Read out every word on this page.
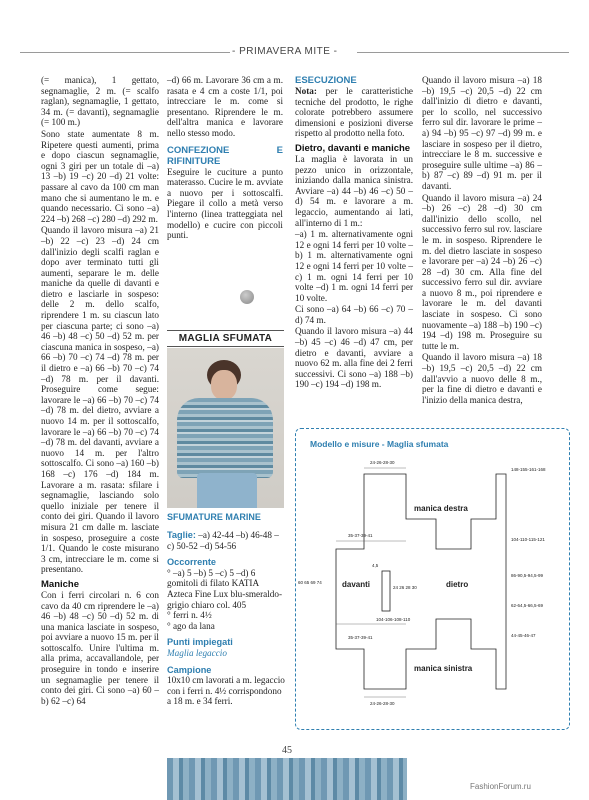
- PRIMAVERA MITE -

(= manica), 1 gettato, segnamaglie, 2 m. (= scalfo raglan), segnamaglie, 1 gettato, 34 m. (= davanti), segnamaglie (= 100 m.)

Sono state aumentate 8 m. Ripetere questi aumenti, prima e dopo ciascun segnamaglie, ogni 3 giri per un totale di –a) 13 –b) 19 –c) 20 –d) 21 volte: passare al cavo da 100 cm man mano che si aumentano le m. e quando necessario. Ci sono –a) 224 –b) 268 –c) 280 –d) 292 m.

Quando il lavoro misura –a) 21 –b) 22 –c) 23 –d) 24 cm dall'inizio degli scalfi raglan e dopo aver terminato tutti gli aumenti, separare le m. delle maniche da quelle di davanti e dietro e lasciarle in sospeso: delle 2 m. dello scalfo, riprendere 1 m. su ciascun lato per ciascuna parte; ci sono –a) 46 –b) 48 –c) 50 –d) 52 m. per ciascuna manica in sospeso, –a) 66 –b) 70 –c) 74 –d) 78 m. per il dietro e –a) 66 –b) 70 –c) 74 –d) 78 m. per il davanti. Proseguire come segue: lavorare le –a) 66 –b) 70 –c) 74 –d) 78 m. del dietro, avviare a nuovo 14 m. per il sottoscalfo, lavorare le –a) 66 –b) 70 –c) 74 –d) 78 m. del davanti, avviare a nuovo 14 m. per l'altro sottoscalfo. Ci sono –a) 160 –b) 168 –c) 176 –d) 184 m. Lavorare a m. rasata: sfilare i segnamaglie, lasciando solo quello iniziale per tenere il conto dei giri. Quando il lavoro misura 21 cm dalle m. lasciate in sospeso, proseguire a coste 1/1. Quando le coste misurano 3 cm, intrecciare le m. come si presentano.

Maniche

Con i ferri circolari n. 6 con cavo da 40 cm riprendere le –a) 46 –b) 48 –c) 50 –d) 52 m. di una manica lasciate in sospeso, poi avviare a nuovo 15 m. per il sottoscalfo. Unire l'ultima m. alla prima, accavallandole, per proseguire in tondo e inserire un segnamaglie per tenere il conto dei giri. Ci sono –a) 60 –b) 62 –c) 64

–d) 66 m. Lavorare 36 cm a m. rasata e 4 cm a coste 1/1, poi intrecciare le m. come si presentano. Riprendere le m. dell'altra manica e lavorare nello stesso modo.

CONFEZIONE E RIFINITURE

Eseguire le cuciture a punto materasso. Cucire le m. avviate a nuovo per i sottoscalfi. Piegare il collo a metà verso l'interno (linea tratteggiata nel modello) e cucire con piccoli punti.

MAGLIA SFUMATA
SFUMATURE MARINE

Taglie: –a) 42-44 –b) 46-48 –c) 50-52 –d) 54-56

Occorrente

° –a) 5 –b) 5 –c) 5 –d) 6 gomitoli di filato KATIA Azteca Fine Lux blu-smeraldo-grigio chiaro col. 405

° ferri n. 4½

° ago da lana

Punti impiegati

Maglia legaccio

Campione

10x10 cm lavorati a m. legaccio con i ferri n. 4½ corrispondono a 18 m. e 34 ferri.

ESECUZIONE

Nota: per le caratteristiche tecniche del prodotto, le righe colorate potrebbero assumere dimensioni e posizioni diverse rispetto al prodotto nella foto.

Dietro, davanti e maniche

La maglia è lavorata in un pezzo unico in orizzontale, iniziando dalla manica sinistra. Avviare –a) 44 –b) 46 –c) 50 –d) 54 m. e lavorare a m. legaccio, aumentando ai lati, all'interno di 1 m.:

–a) 1 m. alternativamente ogni 12 e ogni 14 ferri per 10 volte –b) 1 m. alternativamente ogni 12 e ogni 14 ferri per 10 volte –c) 1 m. ogni 14 ferri per 10 volte –d) 1 m. ogni 14 ferri per 10 volte.

Ci sono –a) 64 –b) 66 –c) 70 –d) 74 m.

Quando il lavoro misura –a) 44 –b) 45 –c) 46 –d) 47 cm, per dietro e davanti, avviare a nuovo 62 m. alla fine dei 2 ferri successivi. Ci sono –a) 188 –b) 190 –c) 194 –d) 198 m.

Quando il lavoro misura –a) 18 –b) 19,5 –c) 20,5 –d) 22 cm dall'inizio di dietro e davanti, per lo scollo, nel successivo ferro sul dir. lavorare le prime –a) 94 –b) 95 –c) 97 –d) 99 m. e lasciare in sospeso per il dietro, intrecciare le 8 m. successive e proseguire sulle ultime –a) 86 –b) 87 –c) 89 –d) 91 m. per il davanti.

Quando il lavoro misura –a) 24 –b) 26 –c) 28 –d) 30 cm dall'inizio dello scollo, nel successivo ferro sul rov. lasciare le m. in sospeso. Riprendere le m. del dietro lasciate in sospeso e lavorare per –a) 24 –b) 26 –c) 28 –d) 30 cm. Alla fine del successivo ferro sul dir. avviare a nuovo 8 m., poi riprendere e lavorare le m. del davanti lasciate in sospeso. Ci sono nuovamente –a) 188 –b) 190 –c) 194 –d) 198 m. Proseguire su tutte le m.

Quando il lavoro misura –a) 18 –b) 19,5 –c) 20,5 –d) 22 cm dall'avvio a nuovo delle 8 m., per la fine di dietro e davanti e l'inizio della manica destra,

Modello e misure - Maglia sfumata
24-26-28-30
148-155-161-168
manica destra
35-37-39-41
104-110-115-121
86-90,5-94,5-99
62-64,5-66,5-69
44-45-46-47
60 65 69 74	davanti	dietro
4,5
24 26 28 30
104-106-108-110
35-37-39-41
manica sinistra
24-26-28-30
45
FashionForum.ru
